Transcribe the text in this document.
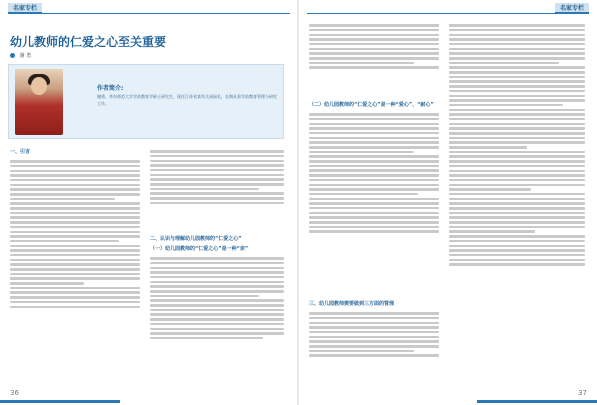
名家专栏
幼儿教师的仁爱之心至关重要
谢 勇
作者简介:
谢勇，华东师范大学学前教育学硕士研究生，现任江苏省某幼儿园园长，长期从事学前教育管理与研究工作。
一、引言
二、认识与理解幼儿园教师的“仁爱之心”
（一）幼儿园教师的“仁爱之心”是一种“亲”
36
名家专栏
（二）幼儿园教师的“仁爱之心”是一种“爱心”、“耐心”
三、幼儿园教师需要做到三方面的管理
37
